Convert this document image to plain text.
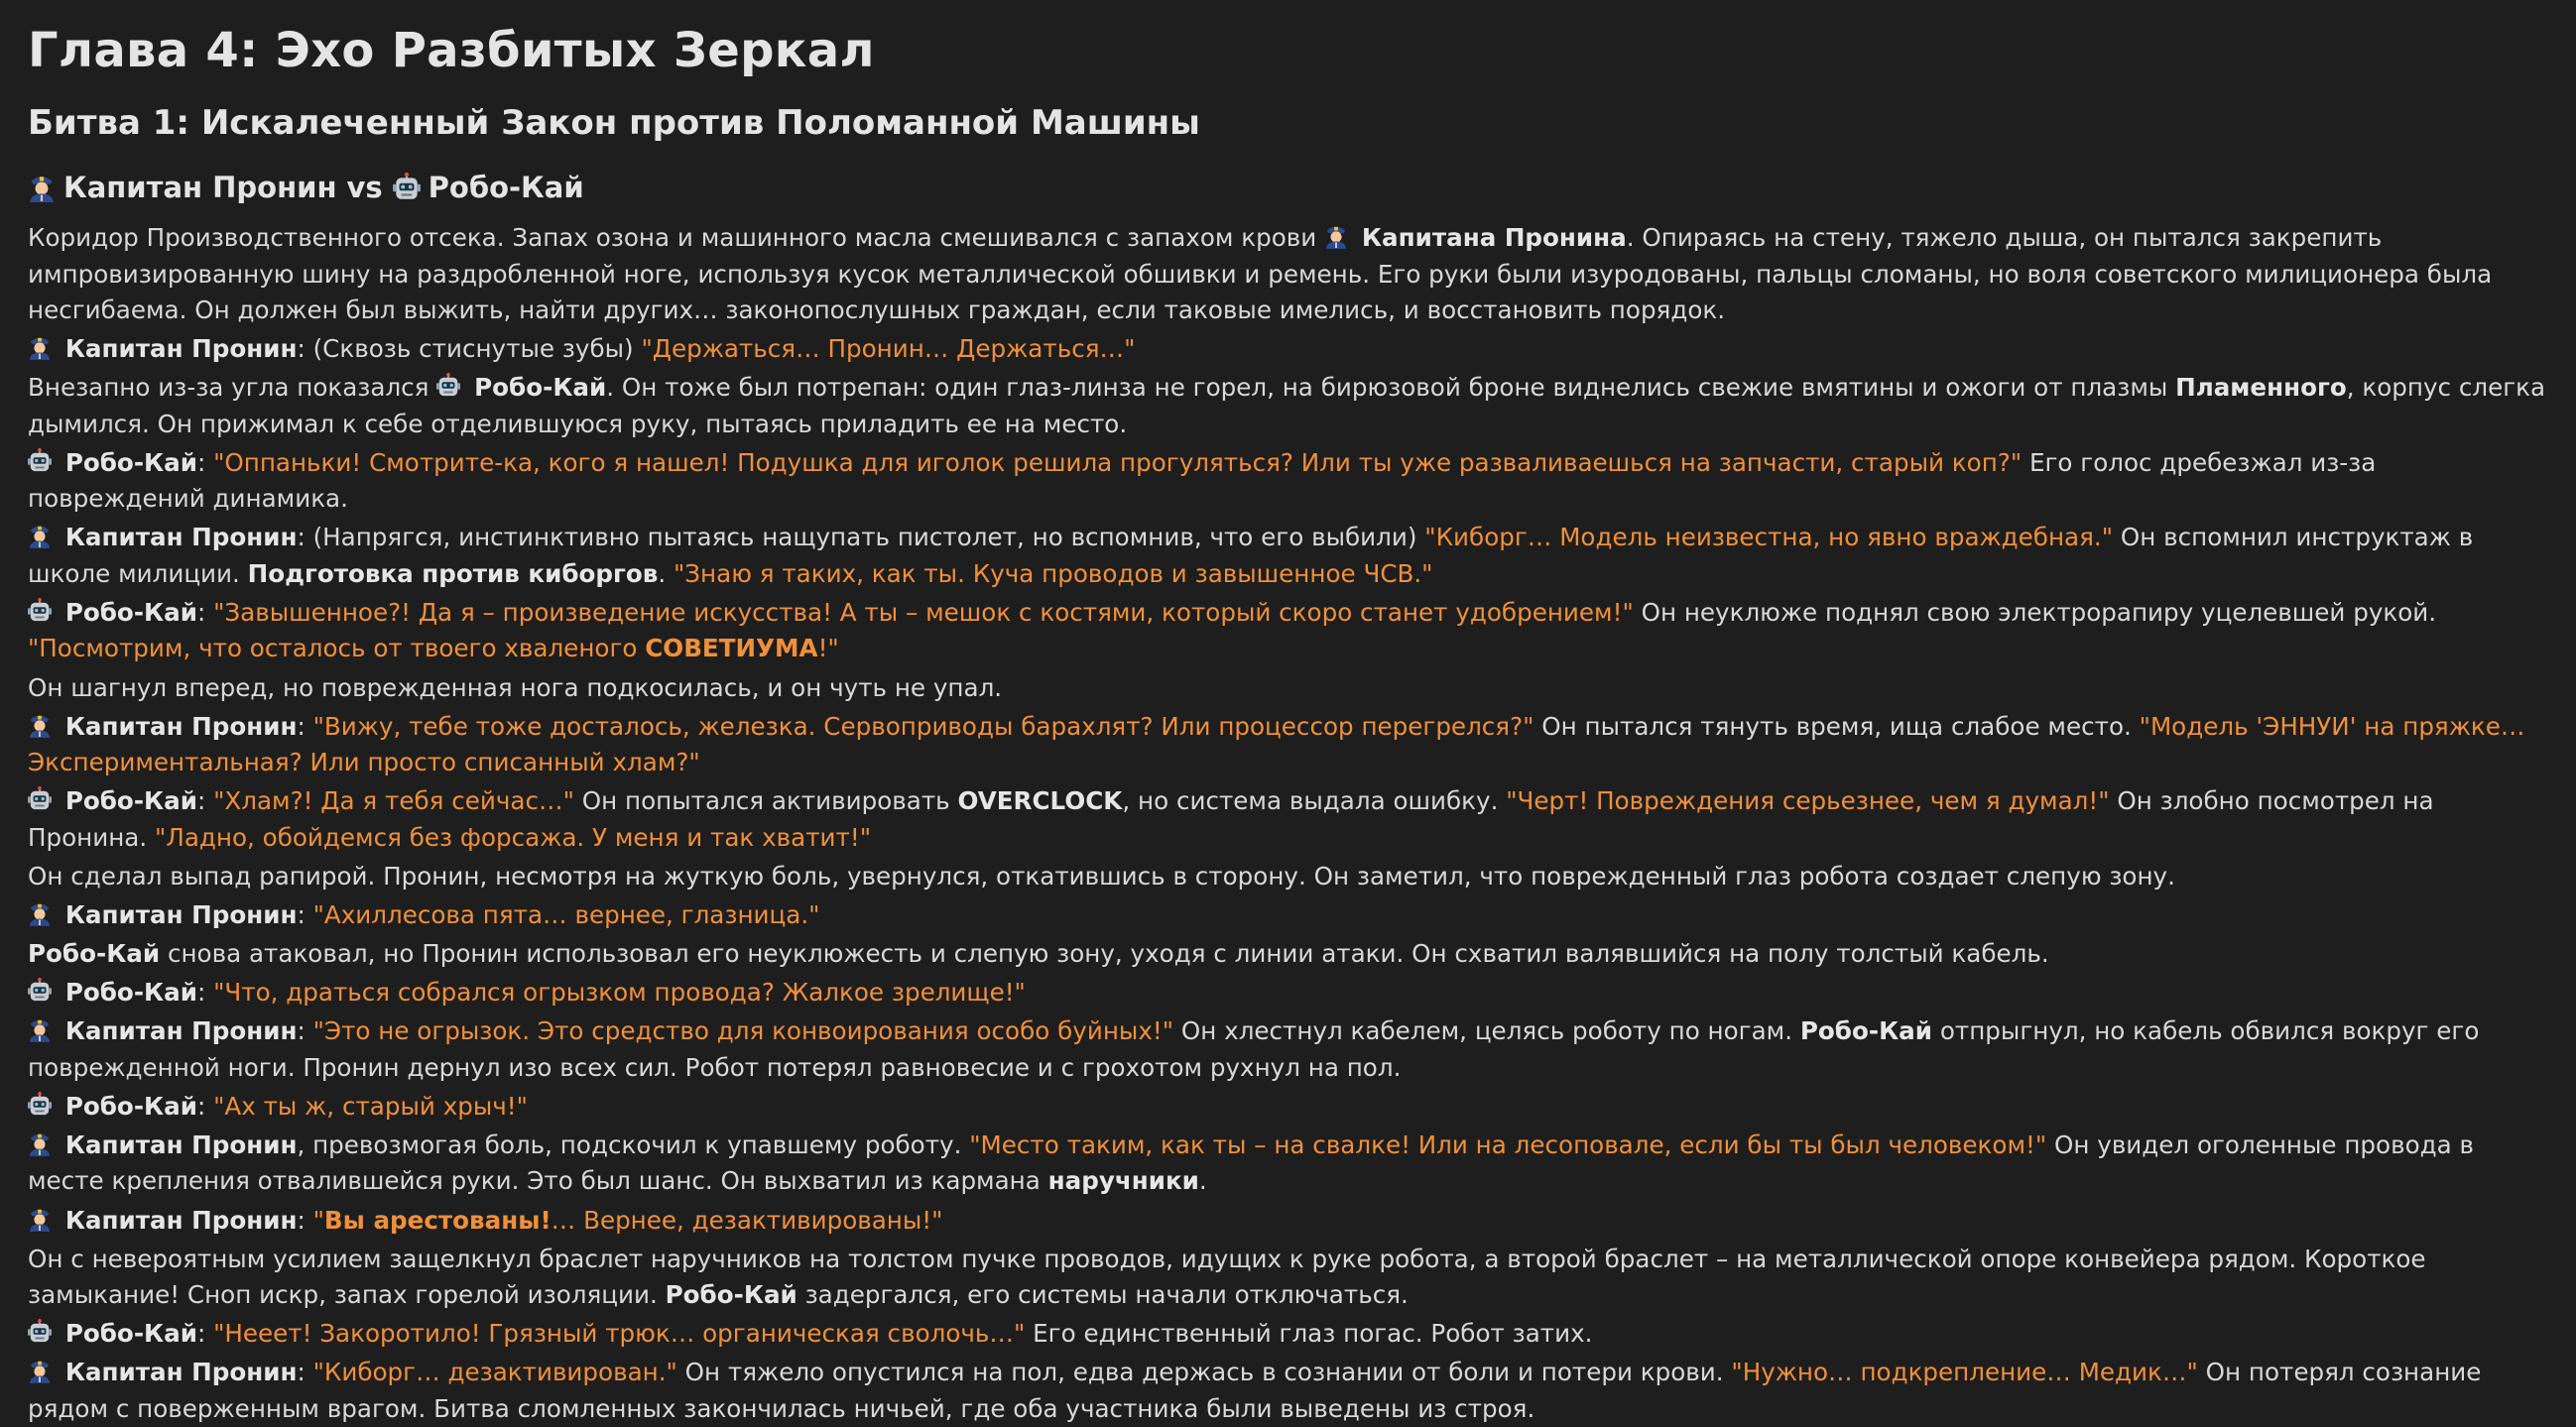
Глава 4: Эхо Разбитых Зеркал
Битва 1: Искалеченный Закон против Поломанной Машины
Капитан Пронин vs Робо-Кай

Коридор Производственного отсека. Запах озона и машинного масла смешивался с запахом крови
Капитана Пронина. Опираясь на стену, тяжело дыша, он пытался закрепить импровизированную шину на раздробленной ноге, используя кусок металлической обшивки и ремень. Его руки были изуродованы, пальцы сломаны, но воля советского милиционера была несгибаема. Он должен был выжить, найти других… законопослушных граждан, если таковые имелись, и восстановить порядок.

Капитан Пронин: (Сквозь стиснутые зубы) "Держаться… Пронин… Держаться…"

Внезапно из-за угла показался
Робо-Кай. Он тоже был потрепан: один глаз-линза не горел, на бирюзовой броне виднелись свежие вмятины и ожоги от плазмы Пламенного, корпус слегка дымился. Он прижимал к себе отделившуюся руку, пытаясь приладить ее на место.

Робо-Кай: "Оппаньки! Смотрите-ка, кого я нашел! Подушка для иголок решила прогуляться? Или ты уже разваливаешься на запчасти, старый коп?" Его голос дребезжал из-за повреждений динамика.

Капитан Пронин: (Напрягся, инстинктивно пытаясь нащупать пистолет, но вспомнив, что его выбили) "Киборг… Модель неизвестна, но явно враждебная." Он вспомнил инструктаж в школе милиции. Подготовка против киборгов. "Знаю я таких, как ты. Куча проводов и завышенное ЧСВ."

Робо-Кай: "Завышенное?! Да я – произведение искусства! А ты – мешок с костями, который скоро станет удобрением!" Он неуклюже поднял свою электрорапиру уцелевшей рукой. "Посмотрим, что осталось от твоего хваленого СОВЕТИУМА!"

Он шагнул вперед, но поврежденная нога подкосилась, и он чуть не упал.

Капитан Пронин: "Вижу, тебе тоже досталось, железка. Сервоприводы барахлят? Или процессор перегрелся?" Он пытался тянуть время, ища слабое место. "Модель 'ЭННУИ' на пряжке… Экспериментальная? Или просто списанный хлам?"

Робо-Кай: "Хлам?! Да я тебя сейчас…" Он попытался активировать OVERCLOCK, но система выдала ошибку. "Черт! Повреждения серьезнее, чем я думал!" Он злобно посмотрел на Пронина. "Ладно, обойдемся без форсажа. У меня и так хватит!"

Он сделал выпад рапирой. Пронин, несмотря на жуткую боль, увернулся, откатившись в сторону. Он заметил, что поврежденный глаз робота создает слепую зону.

Капитан Пронин: "Ахиллесова пята… вернее, глазница."

Робо-Кай снова атаковал, но Пронин использовал его неуклюжесть и слепую зону, уходя с линии атаки. Он схватил валявшийся на полу толстый кабель.

Робо-Кай: "Что, драться собрался огрызком провода? Жалкое зрелище!"

Капитан Пронин: "Это не огрызок. Это средство для конвоирования особо буйных!" Он хлестнул кабелем, целясь роботу по ногам. Робо-Кай отпрыгнул, но кабель обвился вокруг его поврежденной ноги. Пронин дернул изо всех сил. Робот потерял равновесие и с грохотом рухнул на пол.

Робо-Кай: "Ах ты ж, старый хрыч!"

Капитан Пронин, превозмогая боль, подскочил к упавшему роботу. "Место таким, как ты – на свалке! Или на лесоповале, если бы ты был человеком!" Он увидел оголенные провода в месте крепления отвалившейся руки. Это был шанс. Он выхватил из кармана наручники.

Капитан Пронин: "Вы арестованы!… Вернее, дезактивированы!"

Он с невероятным усилием защелкнул браслет наручников на толстом пучке проводов, идущих к руке робота, а второй браслет – на металлической опоре конвейера рядом. Короткое замыкание! Сноп искр, запах горелой изоляции. Робо-Кай задергался, его системы начали отключаться.

Робо-Кай: "Нееет! Закоротило! Грязный трюк… органическая сволочь…" Его единственный глаз погас. Робот затих.

Капитан Пронин: "Киборг… дезактивирован." Он тяжело опустился на пол, едва держась в сознании от боли и потери крови. "Нужно… подкрепление… Медик…" Он потерял сознание рядом с поверженным врагом. Битва сломленных закончилась ничьей, где оба участника были выведены из строя.
